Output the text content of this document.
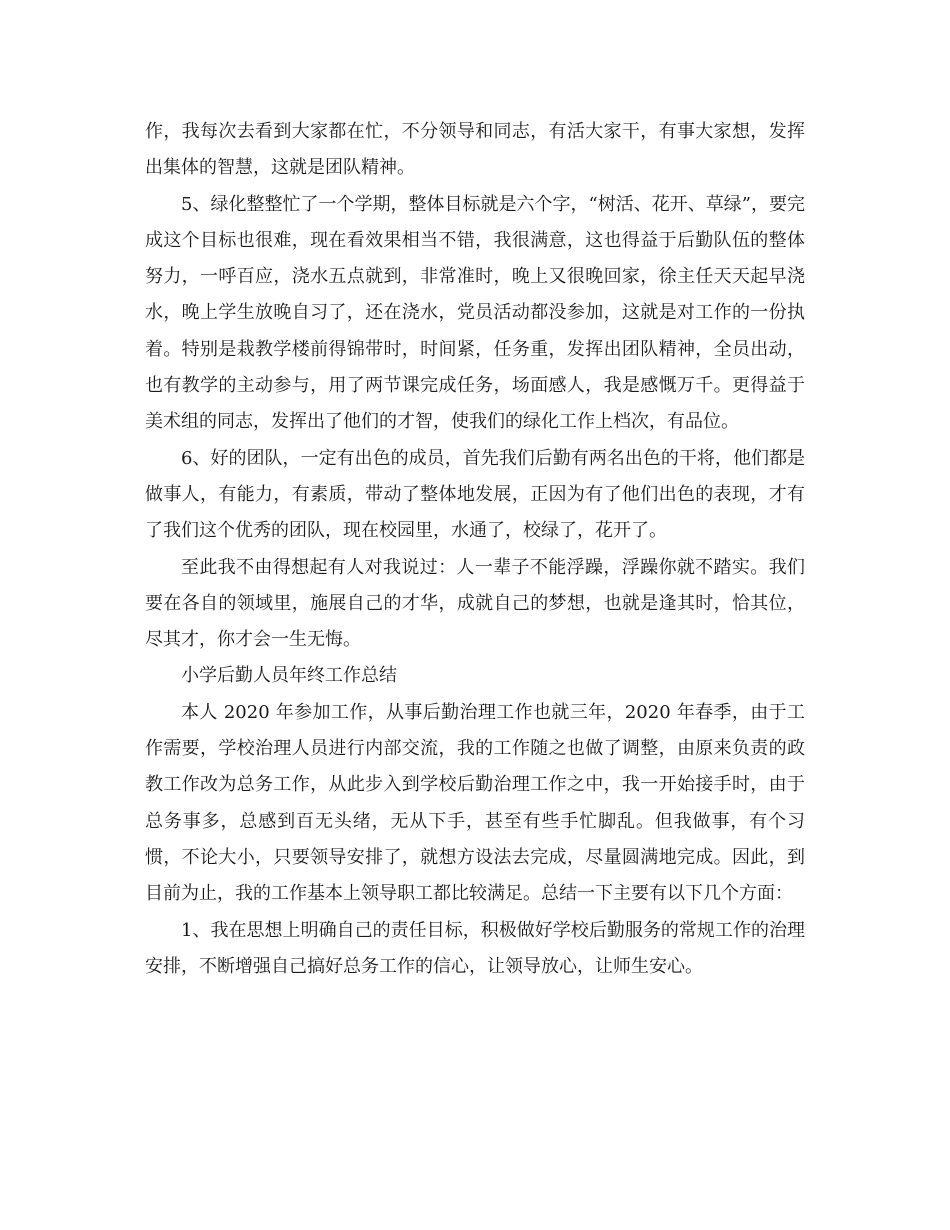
作，我每次去看到大家都在忙，不分领导和同志，有活大家干，有事大家想，发挥出集体的智慧，这就是团队精神。

5、绿化整整忙了一个学期，整体目标就是六个字，“树活、花开、草绿”，要完成这个目标也很难，现在看效果相当不错，我很满意，这也得益于后勤队伍的整体努力，一呼百应，浇水五点就到，非常准时，晚上又很晚回家，徐主任天天起早浇水，晚上学生放晚自习了，还在浇水，党员活动都没参加，这就是对工作的一份执着。特别是栽教学楼前得锦带时，时间紧，任务重，发挥出团队精神，全员出动，也有教学的主动参与，用了两节课完成任务，场面感人，我是感慨万千。更得益于美术组的同志，发挥出了他们的才智，使我们的绿化工作上档次，有品位。

6、好的团队，一定有出色的成员，首先我们后勤有两名出色的干将，他们都是做事人，有能力，有素质，带动了整体地发展，正因为有了他们出色的表现，才有了我们这个优秀的团队，现在校园里，水通了，校绿了，花开了。

至此我不由得想起有人对我说过：人一辈子不能浮躁，浮躁你就不踏实。我们要在各自的领域里，施展自己的才华，成就自己的梦想，也就是逢其时，恰其位，尽其才，你才会一生无悔。

小学后勤人员年终工作总结

本人 2020 年参加工作，从事后勤治理工作也就三年，2020 年春季，由于工作需要，学校治理人员进行内部交流，我的工作随之也做了调整，由原来负责的政教工作改为总务工作，从此步入到学校后勤治理工作之中，我一开始接手时，由于总务事多，总感到百无头绪，无从下手，甚至有些手忙脚乱。但我做事，有个习惯，不论大小，只要领导安排了，就想方设法去完成，尽量圆满地完成。因此，到目前为止，我的工作基本上领导职工都比较满足。总结一下主要有以下几个方面：

1、我在思想上明确自己的责任目标，积极做好学校后勤服务的常规工作的治理安排，不断增强自己搞好总务工作的信心，让领导放心，让师生安心。
